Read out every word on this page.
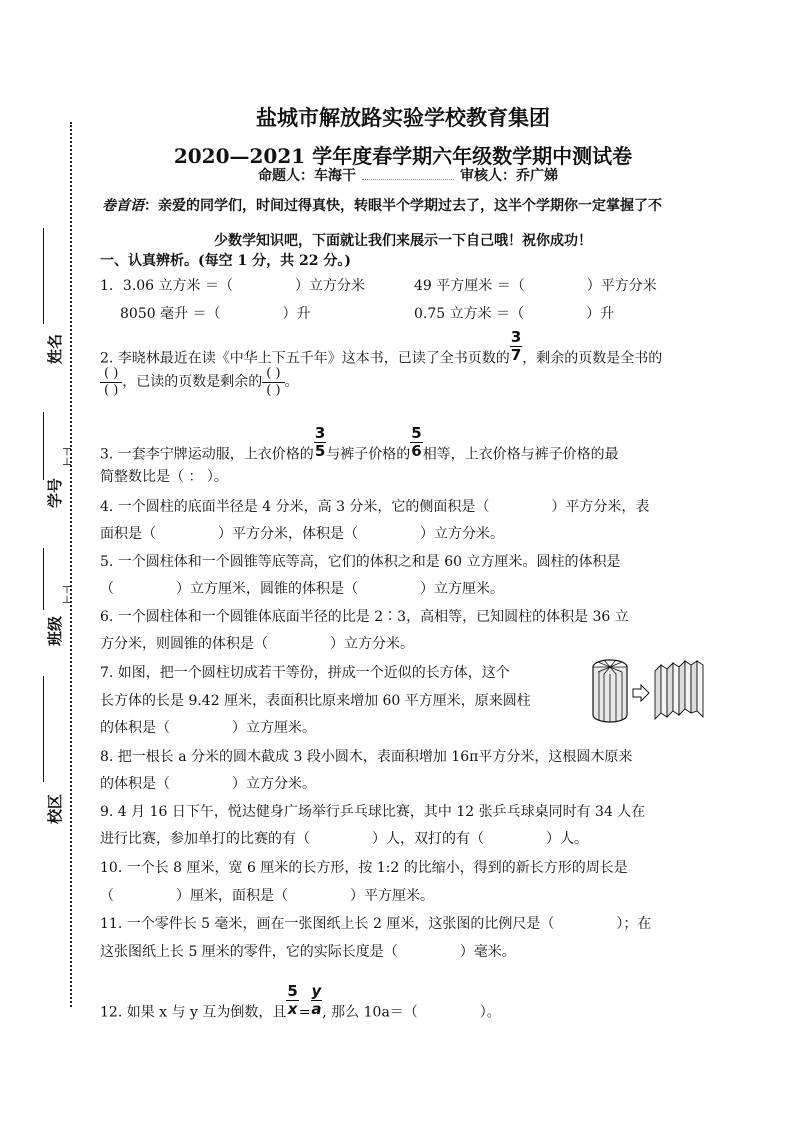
姓名
⊢⊣
学号
⊢⊣
班级
校区
盐城市解放路实验学校教育集团
2020—2021 学年度春学期六年级数学期中测试卷
命题人：车海干	审核人：乔广娣
卷首语：亲爱的同学们，时间过得真快，转眼半个学期过去了，这半个学期你一定掌握了不
少数学知识吧，下面就让我们来展示一下自己哦！祝你成功！
一、认真辨析。(每空 1 分，共 22 分。)
1．3.06 立方米 ＝（	）立方分米	49 平方厘米 ＝（	）平方分米
8050 毫升 ＝（	）升	0.75 立方米 ＝（	）升
2. 李晓林最近在读《中华上下五千年》这本书，已读了全书页数的 $\frac{3}{7}$ ，剩余的页数是全书的
( )
( ) ，已读的页数是剩余的
( )
( ) 。
3. 一套李宁牌运动服，上衣价格的 $\frac{3}{5}$ 与裤子价格的 $\frac{5}{6}$ 相等，上衣价格与裤子价格的最
简整数比是（ ： ）。
4. 一个圆柱的底面半径是 4 分米，高 3 分米，它的侧面积是（	）平方分米，表
面积是（	）平方分米，体积是（	）立方分米。
5. 一个圆柱体和一个圆锥等底等高，它们的体积之和是 60 立方厘米。圆柱的体积是
（	）立方厘米，圆锥的体积是（	）立方厘米。
6. 一个圆柱体和一个圆锥体底面半径的比是 2∶3，高相等，已知圆柱的体积是 36 立
方分米，则圆锥的体积是（	）立方分米。
7. 如图，把一个圆柱切成若干等份，拼成一个近似的长方体，这个
长方体的长是 9.42 厘米，表面积比原来增加 60 平方厘米，原来圆柱
的体积是（	）立方厘米。
8. 把一根长 a 分米的圆木截成 3 段小圆木，表面积增加 16π平方分米，这根圆木原来
的体积是（	）立方分米。
9. 4 月 16 日下午，悦达健身广场举行乒乓球比赛，其中 12 张乒乓球桌同时有 34 人在
进行比赛，参加单打的比赛的有（	）人，双打的有（	）人。
10. 一个长 8 厘米，宽 6 厘米的长方形，按 1:2 的比缩小，得到的新长方形的周长是
（	）厘米，面积是（	）平方厘米。
11. 一个零件长 5 毫米，画在一张图纸上长 2 厘米，这张图的比例尺是（	）；在
这张图纸上长 5 厘米的零件，它的实际长度是（	）毫米。
12. 如果 x 与 y 互为倒数，且 $\frac{5}{x} = \frac{y}{a}$ , 那么 10a＝（	）。
